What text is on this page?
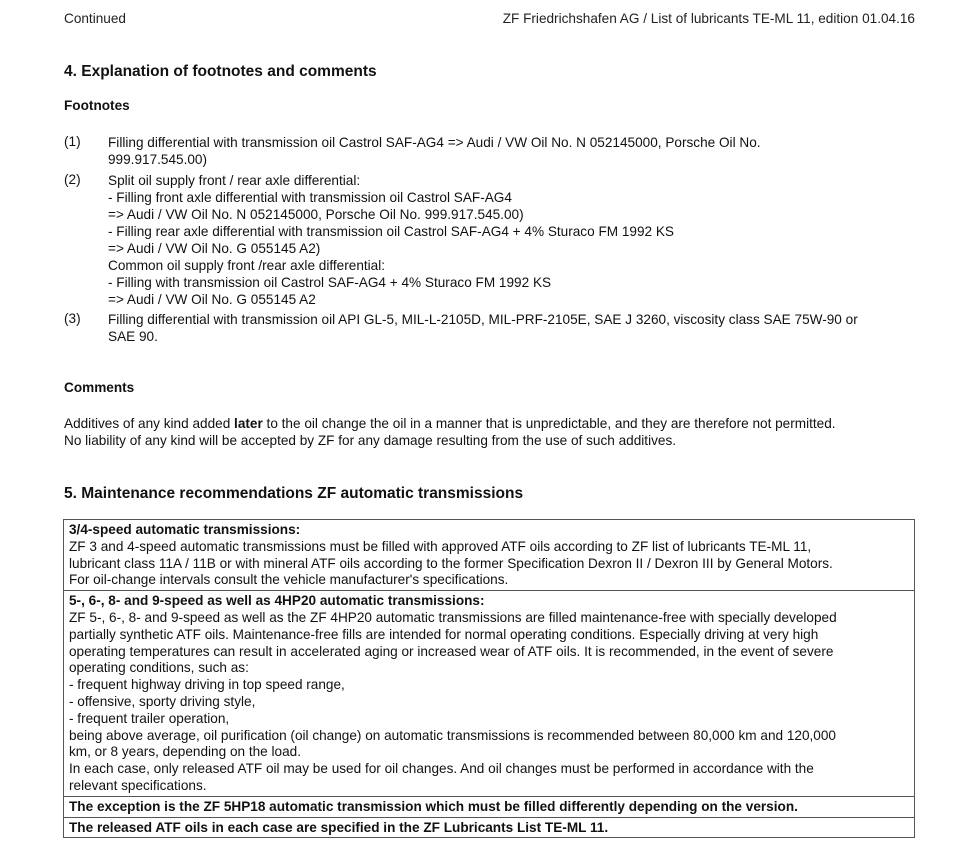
Continued	ZF Friedrichshafen AG / List of lubricants TE-ML 11, edition 01.04.16
4. Explanation of footnotes and comments
Footnotes
(1)	Filling differential with transmission oil Castrol SAF-AG4 => Audi / VW Oil No. N 052145000, Porsche Oil No.
999.917.545.00)
(2)	Split oil supply front / rear axle differential:
- Filling front axle differential with transmission oil Castrol SAF-AG4
=> Audi / VW Oil No. N 052145000, Porsche Oil No. 999.917.545.00)
- Filling rear axle differential with transmission oil Castrol SAF-AG4 + 4% Sturaco FM 1992 KS
=> Audi / VW Oil No. G 055145 A2)
Common oil supply front /rear axle differential:
- Filling with transmission oil Castrol SAF-AG4 + 4% Sturaco FM 1992 KS
=> Audi / VW Oil No. G 055145 A2
(3)	Filling differential with transmission oil API GL-5, MIL-L-2105D, MIL-PRF-2105E, SAE J 3260, viscosity class SAE 75W-90 or
SAE 90.
Comments
Additives of any kind added later to the oil change the oil in a manner that is unpredictable, and they are therefore not permitted.
No liability of any kind will be accepted by ZF for any damage resulting from the use of such additives.
5. Maintenance recommendations ZF automatic transmissions
3/4-speed automatic transmissions:
ZF 3 and 4-speed automatic transmissions must be filled with approved ATF oils according to ZF list of lubricants TE-ML 11,
lubricant class 11A / 11B or with mineral ATF oils according to the former Specification Dexron II / Dexron III by General Motors.
For oil-change intervals consult the vehicle manufacturer's specifications.
5-, 6-, 8- and 9-speed as well as 4HP20 automatic transmissions:
ZF 5-, 6-, 8- and 9-speed as well as the ZF 4HP20 automatic transmissions are filled maintenance-free with specially developed
partially synthetic ATF oils. Maintenance-free fills are intended for normal operating conditions. Especially driving at very high
operating temperatures can result in accelerated aging or increased wear of ATF oils. It is recommended, in the event of severe
operating conditions, such as:
- frequent highway driving in top speed range,
- offensive, sporty driving style,
- frequent trailer operation,
being above average, oil purification (oil change) on automatic transmissions is recommended between 80,000 km and 120,000
km, or 8 years, depending on the load.
In each case, only released ATF oil may be used for oil changes. And oil changes must be performed in accordance with the
relevant specifications.
The exception is the ZF 5HP18 automatic transmission which must be filled differently depending on the version.
The released ATF oils in each case are specified in the ZF Lubricants List TE-ML 11.
